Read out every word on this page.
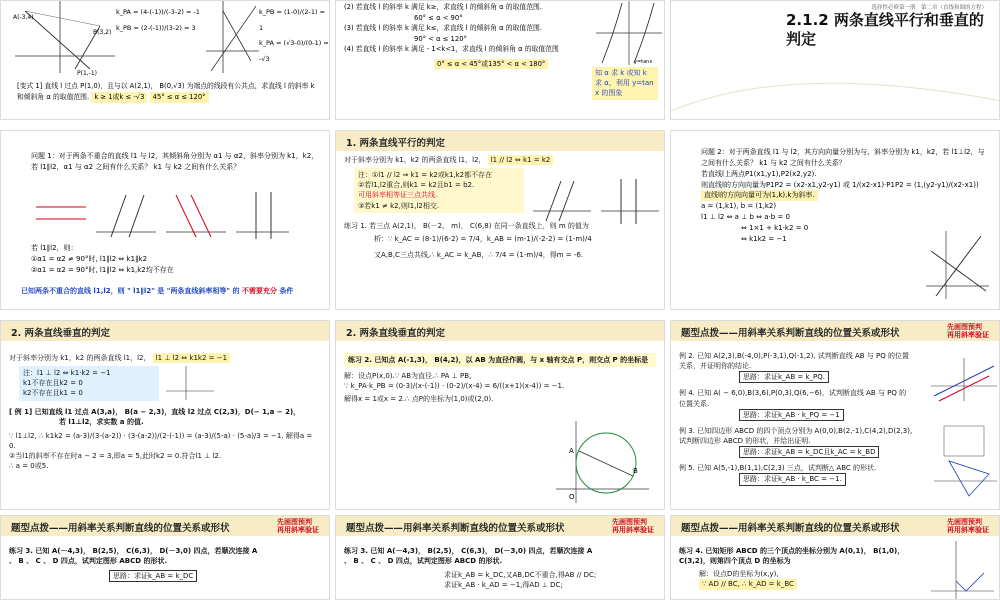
A(-3,4)
B(3,2)
P(1,-1)
k_PA = (4-(-1))/(-3-2) = -1
k_PB = (2-(-1))/(3-2) = 3
k_PB = (1-0)/(2-1) = 1
k_PA = (√3-0)/(0-1) = -√3
[变式 1] 直线 l 过点 P(1,0)，且与以 A(2,1)， B(0,√3) 为端点的线段有公共点，求直线 l 的斜率 k 和倾斜角 α 的取值范围. k ≥ 1或k ≤ -√3 45° ≤ α ≤ 120°
(2) 若直线 l 的斜率 k 满足 k≥，求直线 l 的倾斜角 α 的取值范围.
60° ≤ α < 90°
(3) 若直线 l 的斜率 k 满足 k≤，求直线 l 的倾斜角 α 的取值范围.
90° < α ≤ 120°
(4) 若直线 l 的斜率 k 满足 - 1<k<1，求直线 l 的倾斜角 α 的取值范围
0° ≤ α < 45°或135° < α < 180°	y=tanx
知 α 求 k 或知 k 求 α，利用 y=tan x 的图象
选择性必修第一册　第二章（直线和圆的方程）
2.1.2 两条直线平行和垂直的判定
问题 1：对于两条不重合的直线 l1 与 l2，其倾斜角分别为 α1 与 α2，斜率分别为 k1，k2，若 l1∥l2，α1 与 α2 之间有什么关系？ k1 与 k2 之间有什么关系？
若 l1∥l2，则：
①α1 = α2 ≠ 90°时, l1∥l2 ⇔ k1∥k2
②α1 = α2 = 90°时, l1∥l2 ⇔ k1,k2均不存在
已知两条不重合的直线 l1,l2，则 " l1∥l2" 是 "两条直线斜率相等" 的 不需要充分 条件
1. 两条直线平行的判定
对于斜率分别为 k1，k2 的两条直线 l1，l2， l1 // l2 ⇔ k1 = k2
注：①l1 // l2 ⇒ k1 = k2或k1,k2都不存在
②若l1,l2重合,则k1 = k2且b1 = b2.
可用斜率相等证三点共线.
③若k1 ≠ k2,则l1,l2相交.
练习 1. 若三点 A(2,1)， B(－2， m)， C(6,8) 在同一条直线上，则 m 的值为
析：∵ k_AC = (8-1)/(6-2) = 7/4，k_AB = (m-1)/(-2-2) = (1-m)/4
又A,B,C三点共线,∴ k_AC = k_AB，∴ 7/4 = (1-m)/4，得m = -6.
问题 2：对于两条直线 l1 与 l2，其方向向量分别为与，斜率分别为 k1，k2，若 l1⊥l2，与之间有什么关系？ k1 与 k2 之间有什么关系？
若直线l上两点P1(x1,y1),P2(x2,y2).
则直线l的方向向量为P1P2 = (x2-x1,y2-y1) 或 1/(x2-x1)·P1P2 = (1,(y2-y1)/(x2-x1))
直线l的方向向量可为(1,k),k为斜率.
a = (1,k1), b = (1,k2)
l1 ⊥ l2 ⇔ a ⊥ b ⇔ a·b = 0
⇔ 1×1 + k1·k2 = 0
⇔ k1k2 = −1
2. 两条直线垂直的判定
对于斜率分别为 k1，k2 的两条直线 l1，l2， l1 ⊥ l2 ⇔ k1k2 = −1
注：l1 ⊥ l2 ⇔ k1·k2 = −1
k1不存在且k2 = 0
k2不存在且k1 = 0
[ 例 1] 已知直线 l1 过点 A(3,a)， B(a − 2,3)，直线 l2 过点 C(2,3)，D(− 1,a − 2)，
若 l1⊥l2，求实数 a 的值.
∵ l1⊥l2, ∴ k1k2 = (a-3)/(3-(a-2)) · (3-(a-2))/(2-(-1)) = (a-3)/(5-a) · (5-a)/3 = −1. 解得a = 0.
②当l1的斜率不存在时a − 2 = 3,即a = 5,此时k2 = 0.符合l1 ⊥ l2.
∴ a = 0或5.
2. 两条直线垂直的判定
练习 2. 已知点 A(-1,3)， B(4,2)，以 AB 为直径作圆，与 x 轴有交点 P，则交点 P 的坐标是
解：设点P(x,0).∵ AB为直径.∴ PA ⊥ PB,
∵ k_PA·k_PB = (0-3)/(x-(-1)) · (0-2)/(x-4) = 6/((x+1)(x-4)) = −1.
解得x = 1或x = 2.∴ 点P的坐标为(1,0)或(2,0).
B
A
O
题型点拨——用斜率关系判断直线的位置关系或形状
先画图预判
再用斜率验证
例 2. 已知 A(2,3),B(-4,0),P(-3,1),Q(-1,2), 试判断直线 AB 与 PQ 的位置关系，并证明你的结论.
思路：求证k_AB = k_PQ.
例 4. 已知 A( − 6,0),B(3,6),P(0,3),Q(6,−6)，试判断直线 AB 与 PQ 的位置关系.
思路：求证k_AB · k_PQ = −1
例 3. 已知四边形 ABCD 的四个顶点分别为 A(0,0),B(2,-1),C(4,2),D(2,3), 试判断四边形 ABCD 的形状，并给出证明.
思路：求证k_AB = k_DC且k_AC = k_BD
例 5. 已知 A(5,-1),B(1,1),C(2,3) 三点，试判断△ ABC 的形状.
思路：求证k_AB · k_BC = −1.
题型点拨——用斜率关系判断直线的位置关系或形状
先画图预判
再用斜率验证
练习 3. 已知 A(－4,3)， B(2,5)， C(6,3)， D(－3,0) 四点，若顺次连接 A 、 B 、 C 、 D 四点，试判定图形 ABCD 的形状.
思路：求证k_AB = k_DC
题型点拨——用斜率关系判断直线的位置关系或形状
先画图预判
再用斜率验证
练习 3. 已知 A(－4,3)， B(2,5)， C(6,3)， D(－3,0) 四点，若顺次连接 A 、 B 、 C 、 D 四点，试判定图形 ABCD 的形状.
求证k_AB = k_DC,又AB,DC不重合,得AB // DC;
求证k_AB · k_AD = −1,得AD ⊥ DC;
题型点拨——用斜率关系判断直线的位置关系或形状
先画图预判
再用斜率验证
练习 4. 已知矩形 ABCD 的三个顶点的坐标分别为 A(0,1)， B(1,0)，C(3,2)，则第四个顶点 D 的坐标为
解：设点D的坐标为(x,y),
∵ AD // BC, ∴ k_AD = k_BC
